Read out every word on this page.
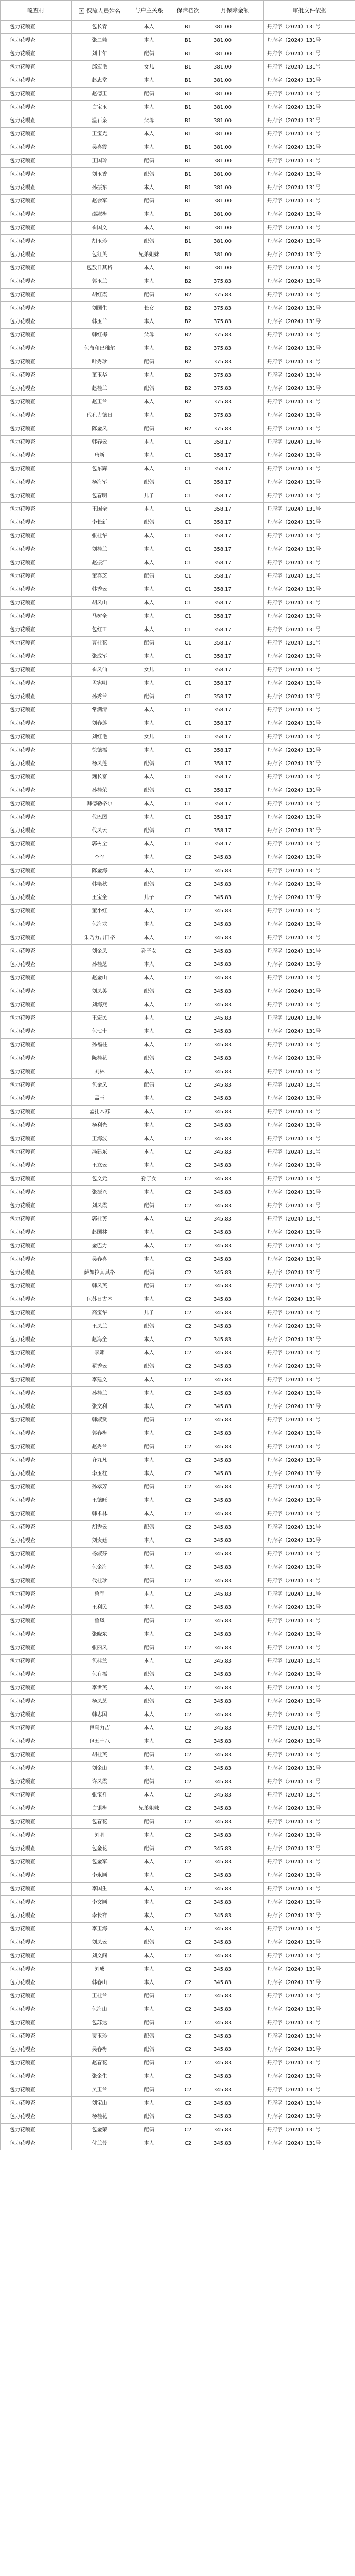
嘎查村	▾ 保障人员姓名	与户主关系	保障档次	月保障金额	审批文件依据
包力花嘎查	包长青	本人	B1	381.00	丹府字（2024）131号
包力花嘎查	张二娃	本人	B1	381.00	丹府字（2024）131号
包力花嘎查	刘丰年	配偶	B1	381.00	丹府字（2024）131号
包力花嘎查	邱宏艳	女儿	B1	381.00	丹府字（2024）131号
包力花嘎查	赵忠堂	本人	B1	381.00	丹府字（2024）131号
包力花嘎查	赵德玉	配偶	B1	381.00	丹府字（2024）131号
包力花嘎查	白宝玉	本人	B1	381.00	丹府字（2024）131号
包力花嘎查	温石泉	父母	B1	381.00	丹府字（2024）131号
包力花嘎查	王宝光	本人	B1	381.00	丹府字（2024）131号
包力花嘎查	吴喜霞	本人	B1	381.00	丹府字（2024）131号
包力花嘎查	王国玲	配偶	B1	381.00	丹府字（2024）131号
包力花嘎查	刘玉香	配偶	B1	381.00	丹府字（2024）131号
包力花嘎查	孙振东	本人	B1	381.00	丹府字（2024）131号
包力花嘎查	赵会军	配偶	B1	381.00	丹府字（2024）131号
包力花嘎查	邵淑梅	本人	B1	381.00	丹府字（2024）131号
包力花嘎查	崔国文	本人	B1	381.00	丹府字（2024）131号
包力花嘎查	胡玉珍	配偶	B1	381.00	丹府字（2024）131号
包力花嘎查	包红英	兄弟姐妹	B1	381.00	丹府字（2024）131号
包力花嘎查	包敖日其格	本人	B1	381.00	丹府字（2024）131号
包力花嘎查	郭玉兰	本人	B2	375.83	丹府字（2024）131号
包力花嘎查	胡红霞	配偶	B2	375.83	丹府字（2024）131号
包力花嘎查	刘国生	长女	B2	375.83	丹府字（2024）131号
包力花嘎查	韩玉兰	本人	B2	375.83	丹府字（2024）131号
包力花嘎查	韩红梅	父母	B2	375.83	丹府字（2024）131号
包力花嘎查	包布和巴雅尔	本人	B2	375.83	丹府字（2024）131号
包力花嘎查	叶秀珍	配偶	B2	375.83	丹府字（2024）131号
包力花嘎查	董玉华	本人	B2	375.83	丹府字（2024）131号
包力花嘎查	赵桂兰	配偶	B2	375.83	丹府字（2024）131号
包力花嘎查	赵玉兰	本人	B2	375.83	丹府字（2024）131号
包力花嘎查	代孔力德日	本人	B2	375.83	丹府字（2024）131号
包力花嘎查	陈金凤	配偶	B2	375.83	丹府字（2024）131号
包力花嘎查	韩春云	本人	C1	358.17	丹府字（2024）131号
包力花嘎查	唐新	本人	C1	358.17	丹府字（2024）131号
包力花嘎查	包东辉	本人	C1	358.17	丹府字（2024）131号
包力花嘎查	杨海军	配偶	C1	358.17	丹府字（2024）131号
包力花嘎查	包春明	儿子	C1	358.17	丹府字（2024）131号
包力花嘎查	王国全	本人	C1	358.17	丹府字（2024）131号
包力花嘎查	李长新	配偶	C1	358.17	丹府字（2024）131号
包力花嘎查	张桂华	本人	C1	358.17	丹府字（2024）131号
包力花嘎查	刘桂兰	本人	C1	358.17	丹府字（2024）131号
包力花嘎查	赵振江	本人	C1	358.17	丹府字（2024）131号
包力花嘎查	董喜芝	配偶	C1	358.17	丹府字（2024）131号
包力花嘎查	韩秀云	本人	C1	358.17	丹府字（2024）131号
包力花嘎查	胡凤山	本人	C1	358.17	丹府字（2024）131号
包力花嘎查	马树全	本人	C1	358.17	丹府字（2024）131号
包力花嘎查	包红卫	本人	C1	358.17	丹府字（2024）131号
包力花嘎查	曹桂花	配偶	C1	358.17	丹府字（2024）131号
包力花嘎查	张成军	本人	C1	358.17	丹府字（2024）131号
包力花嘎查	崔凤仙	女儿	C1	358.17	丹府字（2024）131号
包力花嘎查	孟宪明	本人	C1	358.17	丹府字（2024）131号
包力花嘎查	孙秀兰	配偶	C1	358.17	丹府字（2024）131号
包力花嘎查	常满清	本人	C1	358.17	丹府字（2024）131号
包力花嘎查	刘春莲	本人	C1	358.17	丹府字（2024）131号
包力花嘎查	刘红艳	女儿	C1	358.17	丹府字（2024）131号
包力花嘎查	徐德福	本人	C1	358.17	丹府字（2024）131号
包力花嘎查	杨凤莲	配偶	C1	358.17	丹府字（2024）131号
包力花嘎查	魏长富	本人	C1	358.17	丹府字（2024）131号
包力花嘎查	孙桂荣	配偶	C1	358.17	丹府字（2024）131号
包力花嘎查	韩德勒格尔	本人	C1	358.17	丹府字（2024）131号
包力花嘎查	代巴图	本人	C1	358.17	丹府字（2024）131号
包力花嘎查	代凤云	配偶	C1	358.17	丹府字（2024）131号
包力花嘎查	郭树全	本人	C1	358.17	丹府字（2024）131号
包力花嘎查	李军	本人	C2	345.83	丹府字（2024）131号
包力花嘎查	陈金海	本人	C2	345.83	丹府字（2024）131号
包力花嘎查	韩艳秋	配偶	C2	345.83	丹府字（2024）131号
包力花嘎查	王宝全	儿子	C2	345.83	丹府字（2024）131号
包力花嘎查	董小红	本人	C2	345.83	丹府字（2024）131号
包力花嘎查	包海龙	本人	C2	345.83	丹府字（2024）131号
包力花嘎查	朱乃力吉日格	本人	C2	345.83	丹府字（2024）131号
包力花嘎查	刘金凤	孙子女	C2	345.83	丹府字（2024）131号
包力花嘎查	孙桂芝	本人	C2	345.83	丹府字（2024）131号
包力花嘎查	赵金山	本人	C2	345.83	丹府字（2024）131号
包力花嘎查	刘凤英	配偶	C2	345.83	丹府字（2024）131号
包力花嘎查	刘海燕	本人	C2	345.83	丹府字（2024）131号
包力花嘎查	王宏民	本人	C2	345.83	丹府字（2024）131号
包力花嘎查	包七十	本人	C2	345.83	丹府字（2024）131号
包力花嘎查	孙福柱	本人	C2	345.83	丹府字（2024）131号
包力花嘎查	陈桂花	配偶	C2	345.83	丹府字（2024）131号
包力花嘎查	刘林	本人	C2	345.83	丹府字（2024）131号
包力花嘎查	包金凤	配偶	C2	345.83	丹府字（2024）131号
包力花嘎查	孟玉	本人	C2	345.83	丹府字（2024）131号
包力花嘎查	孟扎木苏	本人	C2	345.83	丹府字（2024）131号
包力花嘎查	杨利光	本人	C2	345.83	丹府字（2024）131号
包力花嘎查	王海波	本人	C2	345.83	丹府字（2024）131号
包力花嘎查	冯建东	本人	C2	345.83	丹府字（2024）131号
包力花嘎查	王立云	本人	C2	345.83	丹府字（2024）131号
包力花嘎查	包文元	孙子女	C2	345.83	丹府字（2024）131号
包力花嘎查	张振兴	本人	C2	345.83	丹府字（2024）131号
包力花嘎查	刘凤霞	配偶	C2	345.83	丹府字（2024）131号
包力花嘎查	郭桂英	本人	C2	345.83	丹府字（2024）131号
包力花嘎查	赵国林	本人	C2	345.83	丹府字（2024）131号
包力花嘎查	金巴力	本人	C2	345.83	丹府字（2024）131号
包力花嘎查	吴春喜	本人	C2	345.83	丹府字（2024）131号
包力花嘎查	萨如拉其其格	配偶	C2	345.83	丹府字（2024）131号
包力花嘎查	韩凤英	配偶	C2	345.83	丹府字（2024）131号
包力花嘎查	包苏日古木	本人	C2	345.83	丹府字（2024）131号
包力花嘎查	高宝华	儿子	C2	345.83	丹府字（2024）131号
包力花嘎查	王凤兰	配偶	C2	345.83	丹府字（2024）131号
包力花嘎查	赵海全	本人	C2	345.83	丹府字（2024）131号
包力花嘎查	李娜	本人	C2	345.83	丹府字（2024）131号
包力花嘎查	翟秀云	配偶	C2	345.83	丹府字（2024）131号
包力花嘎查	李建文	本人	C2	345.83	丹府字（2024）131号
包力花嘎查	孙桂兰	本人	C2	345.83	丹府字（2024）131号
包力花嘎查	张文利	本人	C2	345.83	丹府字（2024）131号
包力花嘎查	韩淑贤	配偶	C2	345.83	丹府字（2024）131号
包力花嘎查	郭春梅	本人	C2	345.83	丹府字（2024）131号
包力花嘎查	赵秀兰	配偶	C2	345.83	丹府字（2024）131号
包力花嘎查	齐九凡	本人	C2	345.83	丹府字（2024）131号
包力花嘎查	李玉柱	本人	C2	345.83	丹府字（2024）131号
包力花嘎查	孙翠芳	配偶	C2	345.83	丹府字（2024）131号
包力花嘎查	王德旺	本人	C2	345.83	丹府字（2024）131号
包力花嘎查	韩术林	本人	C2	345.83	丹府字（2024）131号
包力花嘎查	胡秀云	配偶	C2	345.83	丹府字（2024）131号
包力花嘎查	刘贵廷	本人	C2	345.83	丹府字（2024）131号
包力花嘎查	杨淑芬	配偶	C2	345.83	丹府字（2024）131号
包力花嘎查	包金海	本人	C2	345.83	丹府字（2024）131号
包力花嘎查	代桂珍	配偶	C2	345.83	丹府字（2024）131号
包力花嘎查	鲁军	本人	C2	345.83	丹府字（2024）131号
包力花嘎查	王利民	本人	C2	345.83	丹府字（2024）131号
包力花嘎查	鲁凤	配偶	C2	345.83	丹府字（2024）131号
包力花嘎查	张晓东	本人	C2	345.83	丹府字（2024）131号
包力花嘎查	张丽凤	配偶	C2	345.83	丹府字（2024）131号
包力花嘎查	包桂兰	本人	C2	345.83	丹府字（2024）131号
包力花嘎查	包有福	配偶	C2	345.83	丹府字（2024）131号
包力花嘎查	李世英	本人	C2	345.83	丹府字（2024）131号
包力花嘎查	杨凤芝	配偶	C2	345.83	丹府字（2024）131号
包力花嘎查	韩志国	本人	C2	345.83	丹府字（2024）131号
包力花嘎查	包乌力吉	本人	C2	345.83	丹府字（2024）131号
包力花嘎查	包五十八	本人	C2	345.83	丹府字（2024）131号
包力花嘎查	胡桂英	配偶	C2	345.83	丹府字（2024）131号
包力花嘎查	刘金山	本人	C2	345.83	丹府字（2024）131号
包力花嘎查	许凤霞	配偶	C2	345.83	丹府字（2024）131号
包力花嘎查	张宝祥	本人	C2	345.83	丹府字（2024）131号
包力花嘎查	白银梅	兄弟姐妹	C2	345.83	丹府字（2024）131号
包力花嘎查	包春花	配偶	C2	345.83	丹府字（2024）131号
包力花嘎查	刘明	本人	C2	345.83	丹府字（2024）131号
包力花嘎查	包金花	配偶	C2	345.83	丹府字（2024）131号
包力花嘎查	包金军	本人	C2	345.83	丹府字（2024）131号
包力花嘎查	李永顺	本人	C2	345.83	丹府字（2024）131号
包力花嘎查	李国生	本人	C2	345.83	丹府字（2024）131号
包力花嘎查	李文顺	本人	C2	345.83	丹府字（2024）131号
包力花嘎查	李长祥	本人	C2	345.83	丹府字（2024）131号
包力花嘎查	李玉海	本人	C2	345.83	丹府字（2024）131号
包力花嘎查	刘凤云	配偶	C2	345.83	丹府字（2024）131号
包力花嘎查	刘文阁	本人	C2	345.83	丹府字（2024）131号
包力花嘎查	刘成	本人	C2	345.83	丹府字（2024）131号
包力花嘎查	韩春山	本人	C2	345.83	丹府字（2024）131号
包力花嘎查	王桂兰	配偶	C2	345.83	丹府字（2024）131号
包力花嘎查	包海山	本人	C2	345.83	丹府字（2024）131号
包力花嘎查	包苏达	配偶	C2	345.83	丹府字（2024）131号
包力花嘎查	贾玉珍	配偶	C2	345.83	丹府字（2024）131号
包力花嘎查	吴春梅	配偶	C2	345.83	丹府字（2024）131号
包力花嘎查	赵春花	配偶	C2	345.83	丹府字（2024）131号
包力花嘎查	张金生	本人	C2	345.83	丹府字（2024）131号
包力花嘎查	吴玉兰	配偶	C2	345.83	丹府字（2024）131号
包力花嘎查	刘宝山	本人	C2	345.83	丹府字（2024）131号
包力花嘎查	杨桂花	配偶	C2	345.83	丹府字（2024）131号
包力花嘎查	包金荣	配偶	C2	345.83	丹府字（2024）131号
包力花嘎查	付兰芳	本人	C2	345.83	丹府字（2024）131号
